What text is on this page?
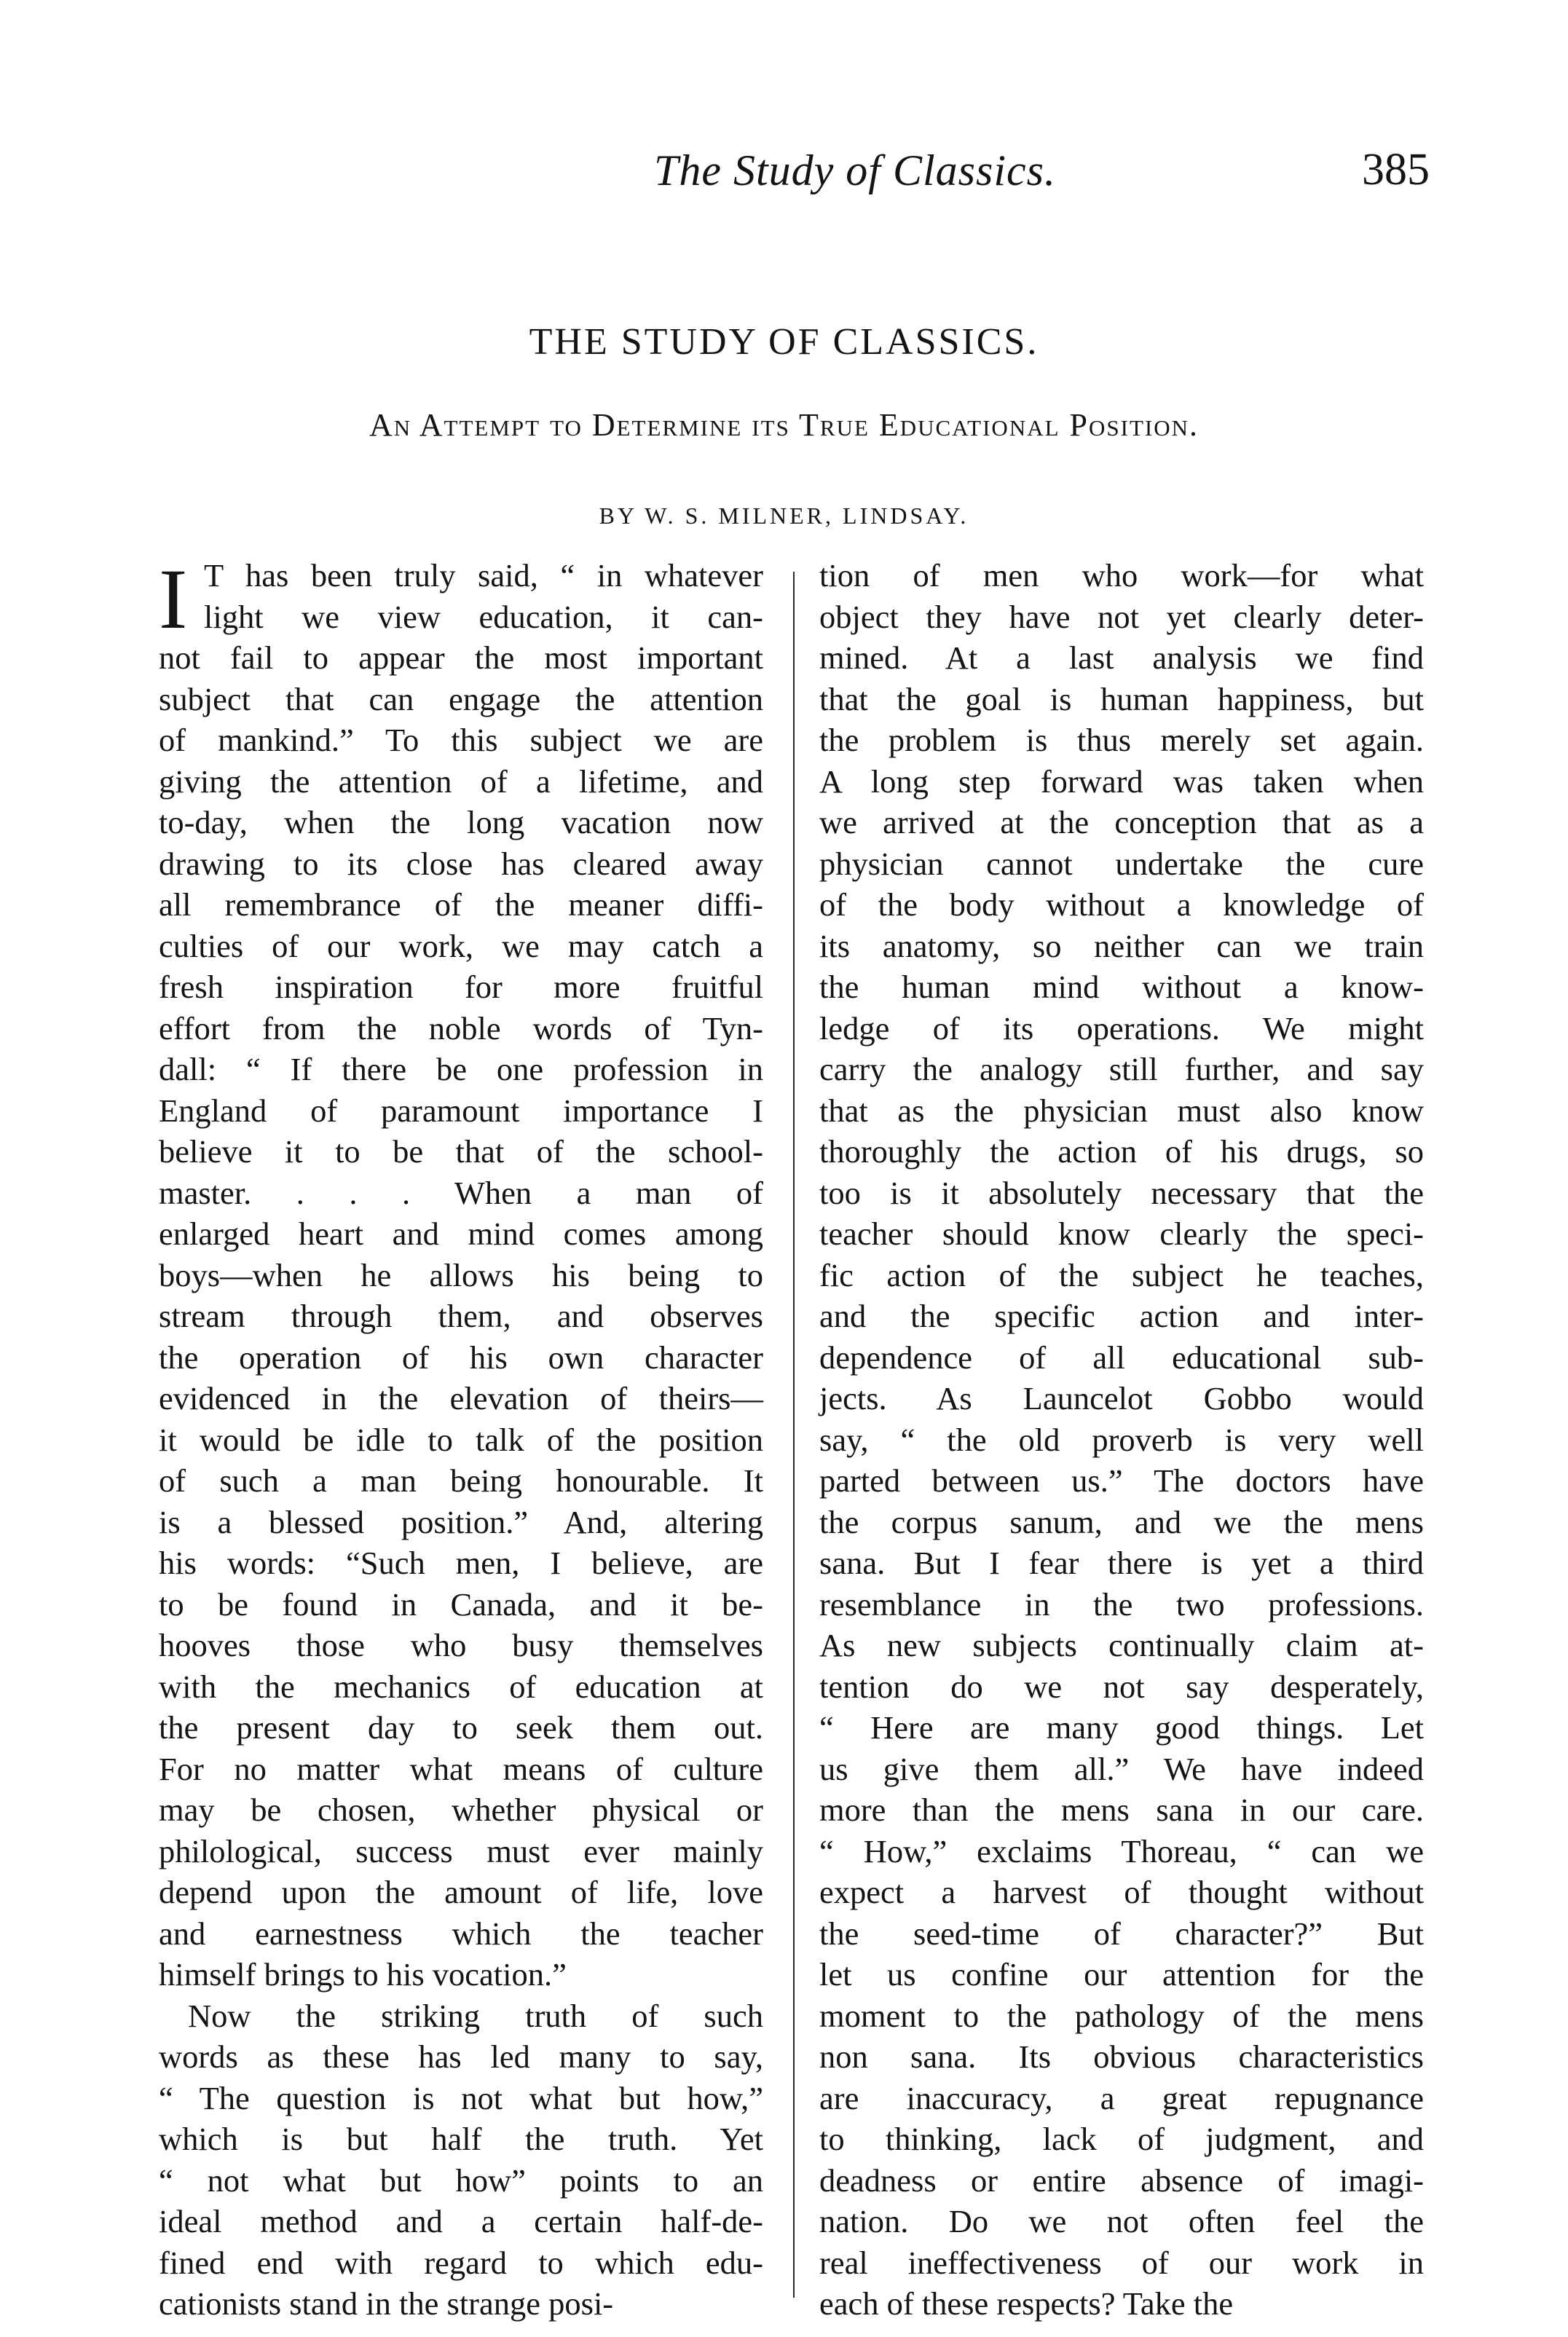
The Study of Classics.	385
THE STUDY OF CLASSICS.
An Attempt to Determine its True Educational Position.
BY W. S. MILNER, LINDSAY.
I T has been truly said, “ in whatever
light we view education, it can-
not fail to appear the most important
subject that can engage the attention
of mankind.” To this subject we are
giving the attention of a lifetime, and
to-day, when the long vacation now
drawing to its close has cleared away
all remembrance of the meaner diffi-
culties of our work, we may catch a
fresh inspiration for more fruitful
effort from the noble words of Tyn-
dall: “ If there be one profession in
England of paramount importance I
believe it to be that of the school-
master. . . . When a man of
enlarged heart and mind comes among
boys—when he allows his being to
stream through them, and observes
the operation of his own character
evidenced in the elevation of theirs—
it would be idle to talk of the position
of such a man being honourable. It
is a blessed position.” And, altering
his words: “Such men, I believe, are
to be found in Canada, and it be-
hooves those who busy themselves
with the mechanics of education at
the present day to seek them out.
For no matter what means of culture
may be chosen, whether physical or
philological, success must ever mainly
depend upon the amount of life, love
and earnestness which the teacher
himself brings to his vocation.”
Now the striking truth of such
words as these has led many to say,
“ The question is not what but how,”
which is but half the truth. Yet
“ not what but how” points to an
ideal method and a certain half-de-
fined end with regard to which edu-
cationists stand in the strange posi-
tion of men who work—for what
object they have not yet clearly deter-
mined. At a last analysis we find
that the goal is human happiness, but
the problem is thus merely set again.
A long step forward was taken when
we arrived at the conception that as a
physician cannot undertake the cure
of the body without a knowledge of
its anatomy, so neither can we train
the human mind without a know-
ledge of its operations. We might
carry the analogy still further, and say
that as the physician must also know
thoroughly the action of his drugs, so
too is it absolutely necessary that the
teacher should know clearly the speci-
fic action of the subject he teaches,
and the specific action and inter-
dependence of all educational sub-
jects. As Launcelot Gobbo would
say, “ the old proverb is very well
parted between us.” The doctors have
the corpus sanum, and we the mens
sana. But I fear there is yet a third
resemblance in the two professions.
As new subjects continually claim at-
tention do we not say desperately,
“ Here are many good things. Let
us give them all.” We have indeed
more than the mens sana in our care.
“ How,” exclaims Thoreau, “ can we
expect a harvest of thought without
the seed-time of character?” But
let us confine our attention for the
moment to the pathology of the mens
non sana. Its obvious characteristics
are inaccuracy, a great repugnance
to thinking, lack of judgment, and
deadness or entire absence of imagi-
nation. Do we not often feel the
real ineffectiveness of our work in
each of these respects? Take the
